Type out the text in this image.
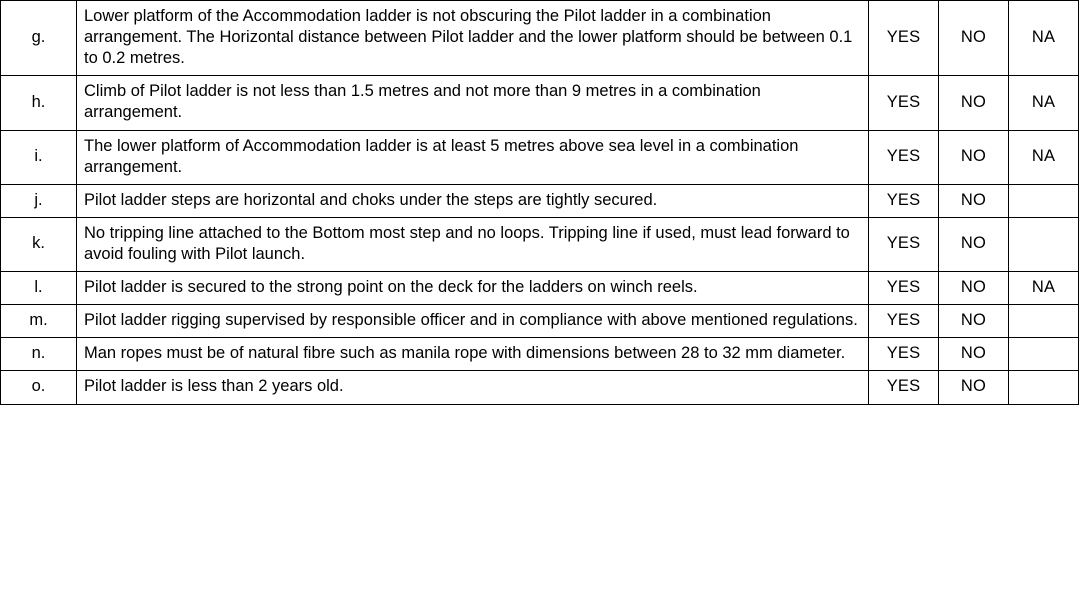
g.	Lower platform of the Accommodation ladder is not obscuring the Pilot ladder in a combination arrangement. The Horizontal distance between Pilot ladder and the lower platform should be between 0.1 to 0.2 metres.	YES	NO	NA
h.	Climb of Pilot ladder is not less than 1.5 metres and not more than 9 metres in a combination arrangement.	YES	NO	NA
i.	The lower platform of Accommodation ladder is at least 5 metres above sea level in a combination arrangement.	YES	NO	NA
j.	Pilot ladder steps are horizontal and choks under the steps are tightly secured.	YES	NO	
k.	No tripping line attached to the Bottom most step and no loops. Tripping line if used, must lead forward to avoid fouling with Pilot launch.	YES	NO	
l.	Pilot ladder is secured to the strong point on the deck for the ladders on winch reels.	YES	NO	NA
m.	Pilot ladder rigging supervised by responsible officer and in compliance with above mentioned regulations.	YES	NO	
n.	Man ropes must be of natural fibre such as manila rope with dimensions between 28 to 32 mm diameter.	YES	NO	
o.	Pilot ladder is less than 2 years old.	YES	NO	
